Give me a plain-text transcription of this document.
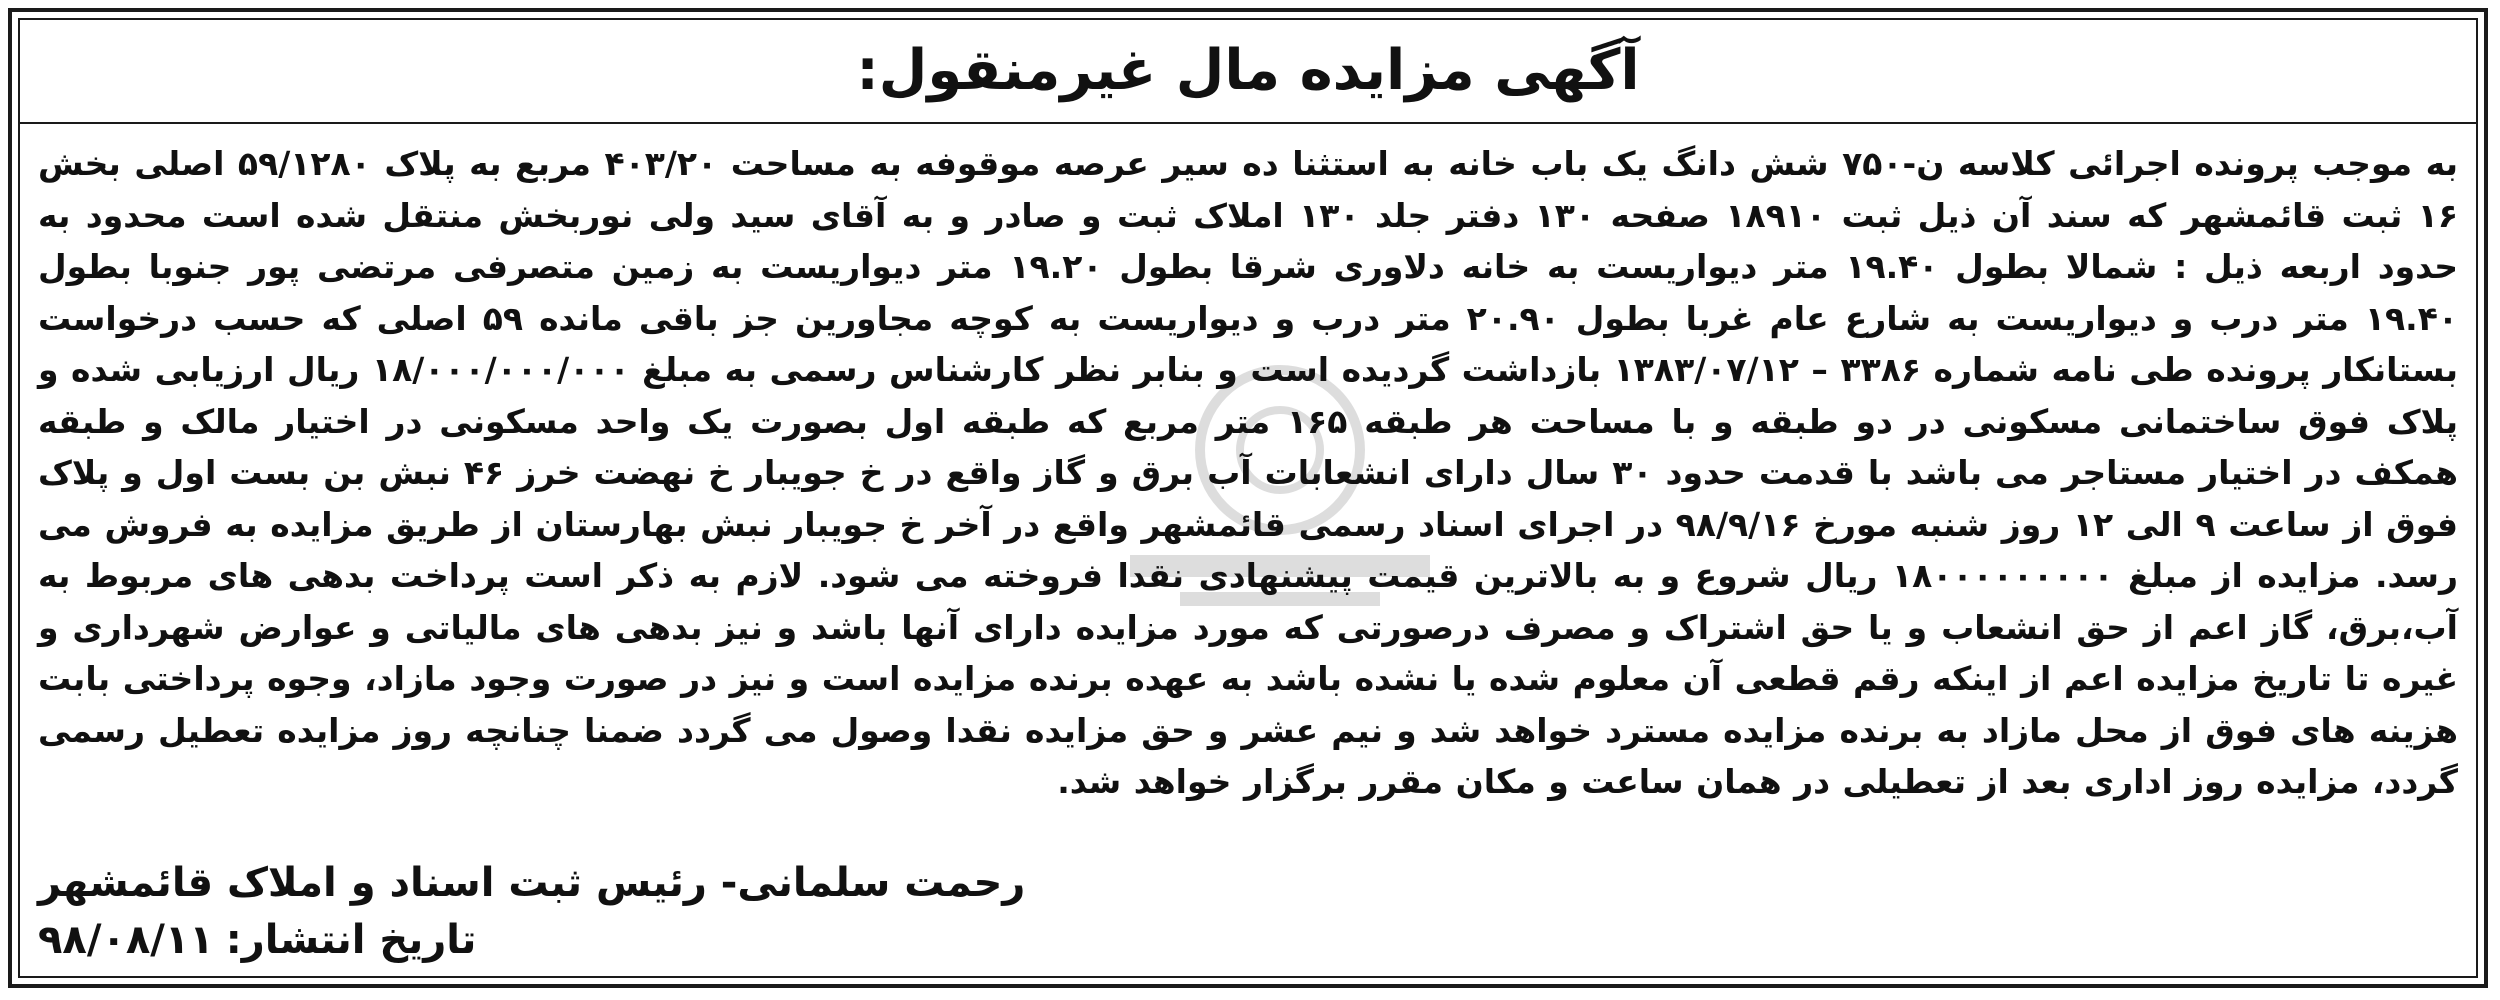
آگهی مزایده مال غیرمنقول:

به موجب پرونده اجرائی کلاسه ن-۷۵۰ شش دانگ یک باب خانه به استثنا ده سیر عرصه موقوفه به مساحت ۴۰۳/۲۰ مربع به پلاک ۵۹/۱۲۸۰ اصلی بخش ۱۶ ثبت قائمشهر که سند آن ذیل ثبت ۱۸۹۱۰ صفحه ۱۳۰ دفتر جلد ۱۳۰ املاک ثبت و صادر و به آقای سید ولی نوربخش منتقل شده است محدود به حدود اربعه ذیل : شمالا بطول ۱۹.۴۰ متر دیواریست به خانه دلاوری شرقا بطول ۱۹.۲۰ متر دیواریست به زمین متصرفی مرتضی پور جنوبا بطول ۱۹.۴۰ متر درب و دیواریست به شارع عام غربا بطول ۲۰.۹۰ متر درب و دیواریست به کوچه مجاورین جز باقی مانده ۵۹ اصلی که حسب درخواست بستانکار پرونده طی نامه شماره ۳۳۸۶ – ۱۳۸۳/۰۷/۱۲ بازداشت گردیده است و بنابر نظر کارشناس رسمی به مبلغ ۱۸/۰۰۰/۰۰۰/۰۰۰ ریال ارزیابی شده و پلاک فوق ساختمانی مسکونی در دو طبقه و با مساحت هر طبقه ۱۶۵ متر مربع که طبقه اول بصورت یک واحد مسکونی در اختیار مالک و طبقه همکف در اختیار مستاجر می باشد با قدمت حدود ۳۰ سال دارای انشعابات آب برق و گاز واقع در خ جویبار خ نهضت خرز ۴۶ نبش بن بست اول و پلاک فوق از ساعت ۹ الی ۱۲ روز شنبه مورخ ۹۸/۹/۱۶ در اجرای اسناد رسمی قائمشهر واقع در آخر خ جویبار نبش بهارستان از طریق مزایده به فروش می رسد. مزایده از مبلغ ۱۸۰۰۰۰۰۰۰۰۰ ریال شروع و به بالاترین قیمت پیشنهادی نقدا فروخته می شود. لازم به ذکر است پرداخت بدهی های مربوط به آب،برق، گاز اعم از حق انشعاب و یا حق اشتراک و مصرف درصورتی که مورد مزایده دارای آنها باشد و نیز بدهی های مالیاتی و عوارض شهرداری و غیره تا تاریخ مزایده اعم از اینکه رقم قطعی آن معلوم شده یا نشده باشد به عهده برنده مزایده است و نیز در صورت وجود مازاد، وجوه پرداختی بابت هزینه های فوق از محل مازاد به برنده مزایده مسترد خواهد شد و نیم عشر و حق مزایده نقدا وصول می گردد ضمنا چنانچه روز مزایده تعطیل رسمی گردد، مزایده روز اداری بعد از تعطیلی در همان ساعت و مکان مقرر برگزار خواهد شد.

رحمت سلمانی- رئیس ثبت اسناد و املاک قائمشهر

تاریخ انتشار:۹۸/۰۸/۱۱
